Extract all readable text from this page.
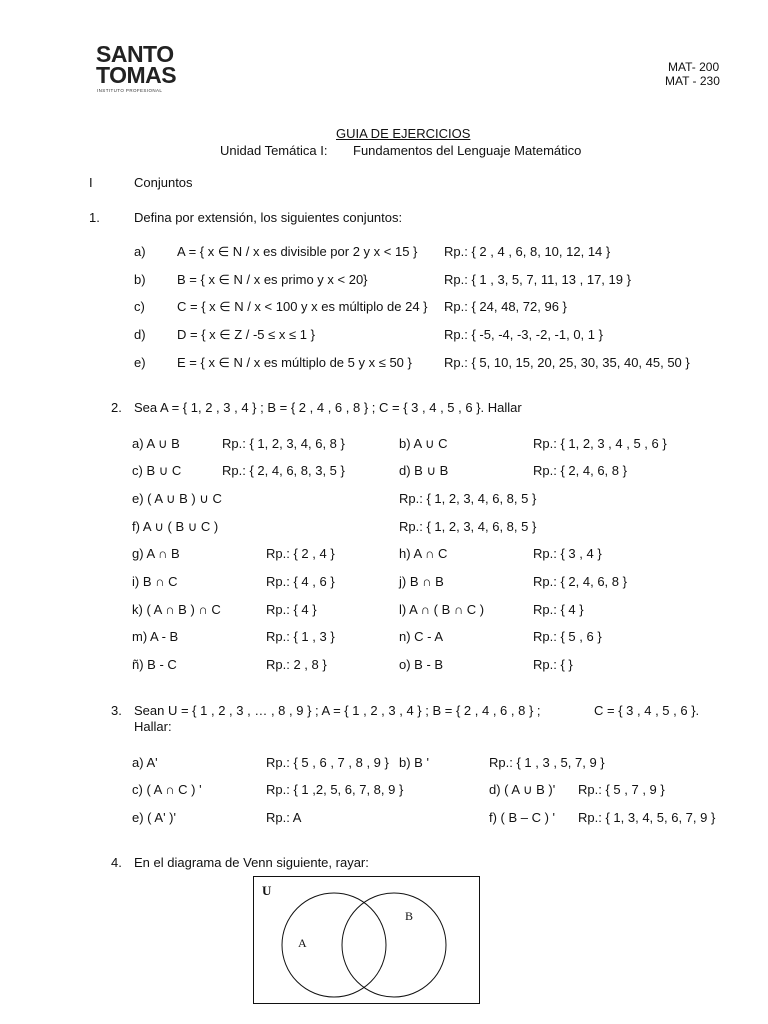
SANTO
TOMAS
INSTITUTO PROFESIONAL
MAT- 200
MAT - 230
GUIA DE EJERCICIOS
Unidad Temática I: Fundamentos del Lenguaje Matemático
I	Conjuntos
1.	Defina por extensión, los siguientes conjuntos:
a) A = { x ∈ N / x es divisible por 2 y x < 15 } Rp.: { 2 , 4 , 6, 8, 10, 12, 14 }
b) B = { x ∈ N / x es primo y x < 20}	Rp.: { 1 , 3, 5, 7, 11, 13 , 17, 19 }
c) C = { x ∈ N / x < 100 y x es múltiplo de 24 } Rp.: { 24, 48, 72, 96 }
d) D = { x ∈ Z / -5 ≤ x ≤ 1 }	Rp.: { -5, -4, -3, -2, -1, 0, 1 }
e) E = { x ∈ N / x es múltiplo de 5 y x ≤ 50 } Rp.: { 5, 10, 15, 20, 25, 30, 35, 40, 45, 50 }
2. Sea A = { 1, 2 , 3 , 4 } ; B = { 2 , 4 , 6 , 8 } ; C = { 3 , 4 , 5 , 6 }. Hallar
a) A ∪ B	Rp.: { 1, 2, 3, 4, 6, 8 }	b) A ∪ C	Rp.: { 1, 2, 3 , 4 , 5 , 6 }
c) B ∪ C	Rp.: { 2, 4, 6, 8, 3, 5 }	d) B ∪ B	Rp.: { 2, 4, 6, 8 }
e) ( A ∪ B ) ∪ C	Rp.: { 1, 2, 3, 4, 6, 8, 5 }
f) A ∪ ( B ∪ C )	Rp.: { 1, 2, 3, 4, 6, 8, 5 }
g) A ∩ B	Rp.: { 2 , 4 }	h) A ∩ C	Rp.: { 3 , 4 }
i) B ∩ C	Rp.: { 4 , 6 }	j) B ∩ B	Rp.: { 2, 4, 6, 8 }
k) ( A ∩ B ) ∩ C	Rp.: { 4 }	l) A ∩ ( B ∩ C )	Rp.: { 4 }
m) A - B	Rp.: { 1 , 3 }	n) C - A	Rp.: { 5 , 6 }
ñ) B - C	Rp.: 2 , 8 }	o) B - B	Rp.: { }
3. Sean U = { 1 , 2 , 3 , … , 8 , 9 } ; A = { 1 , 2 , 3 , 4 } ; B = { 2 , 4 , 6 , 8 } ;	C = { 3 , 4 , 5 , 6 }.
Hallar:
a) A'	Rp.: { 5 , 6 , 7 , 8 , 9 } b) B '	Rp.: { 1 , 3 , 5, 7, 9 }
c) ( A ∩ C ) '	Rp.: { 1 ,2, 5, 6, 7, 8, 9 }	d) ( A ∪ B )' Rp.: { 5 , 7 , 9 }
e) ( A' )'	Rp.: A	f) ( B – C ) ' Rp.: { 1, 3, 4, 5, 6, 7, 9 }
4. En el diagrama de Venn siguiente, rayar:
U
A
B
